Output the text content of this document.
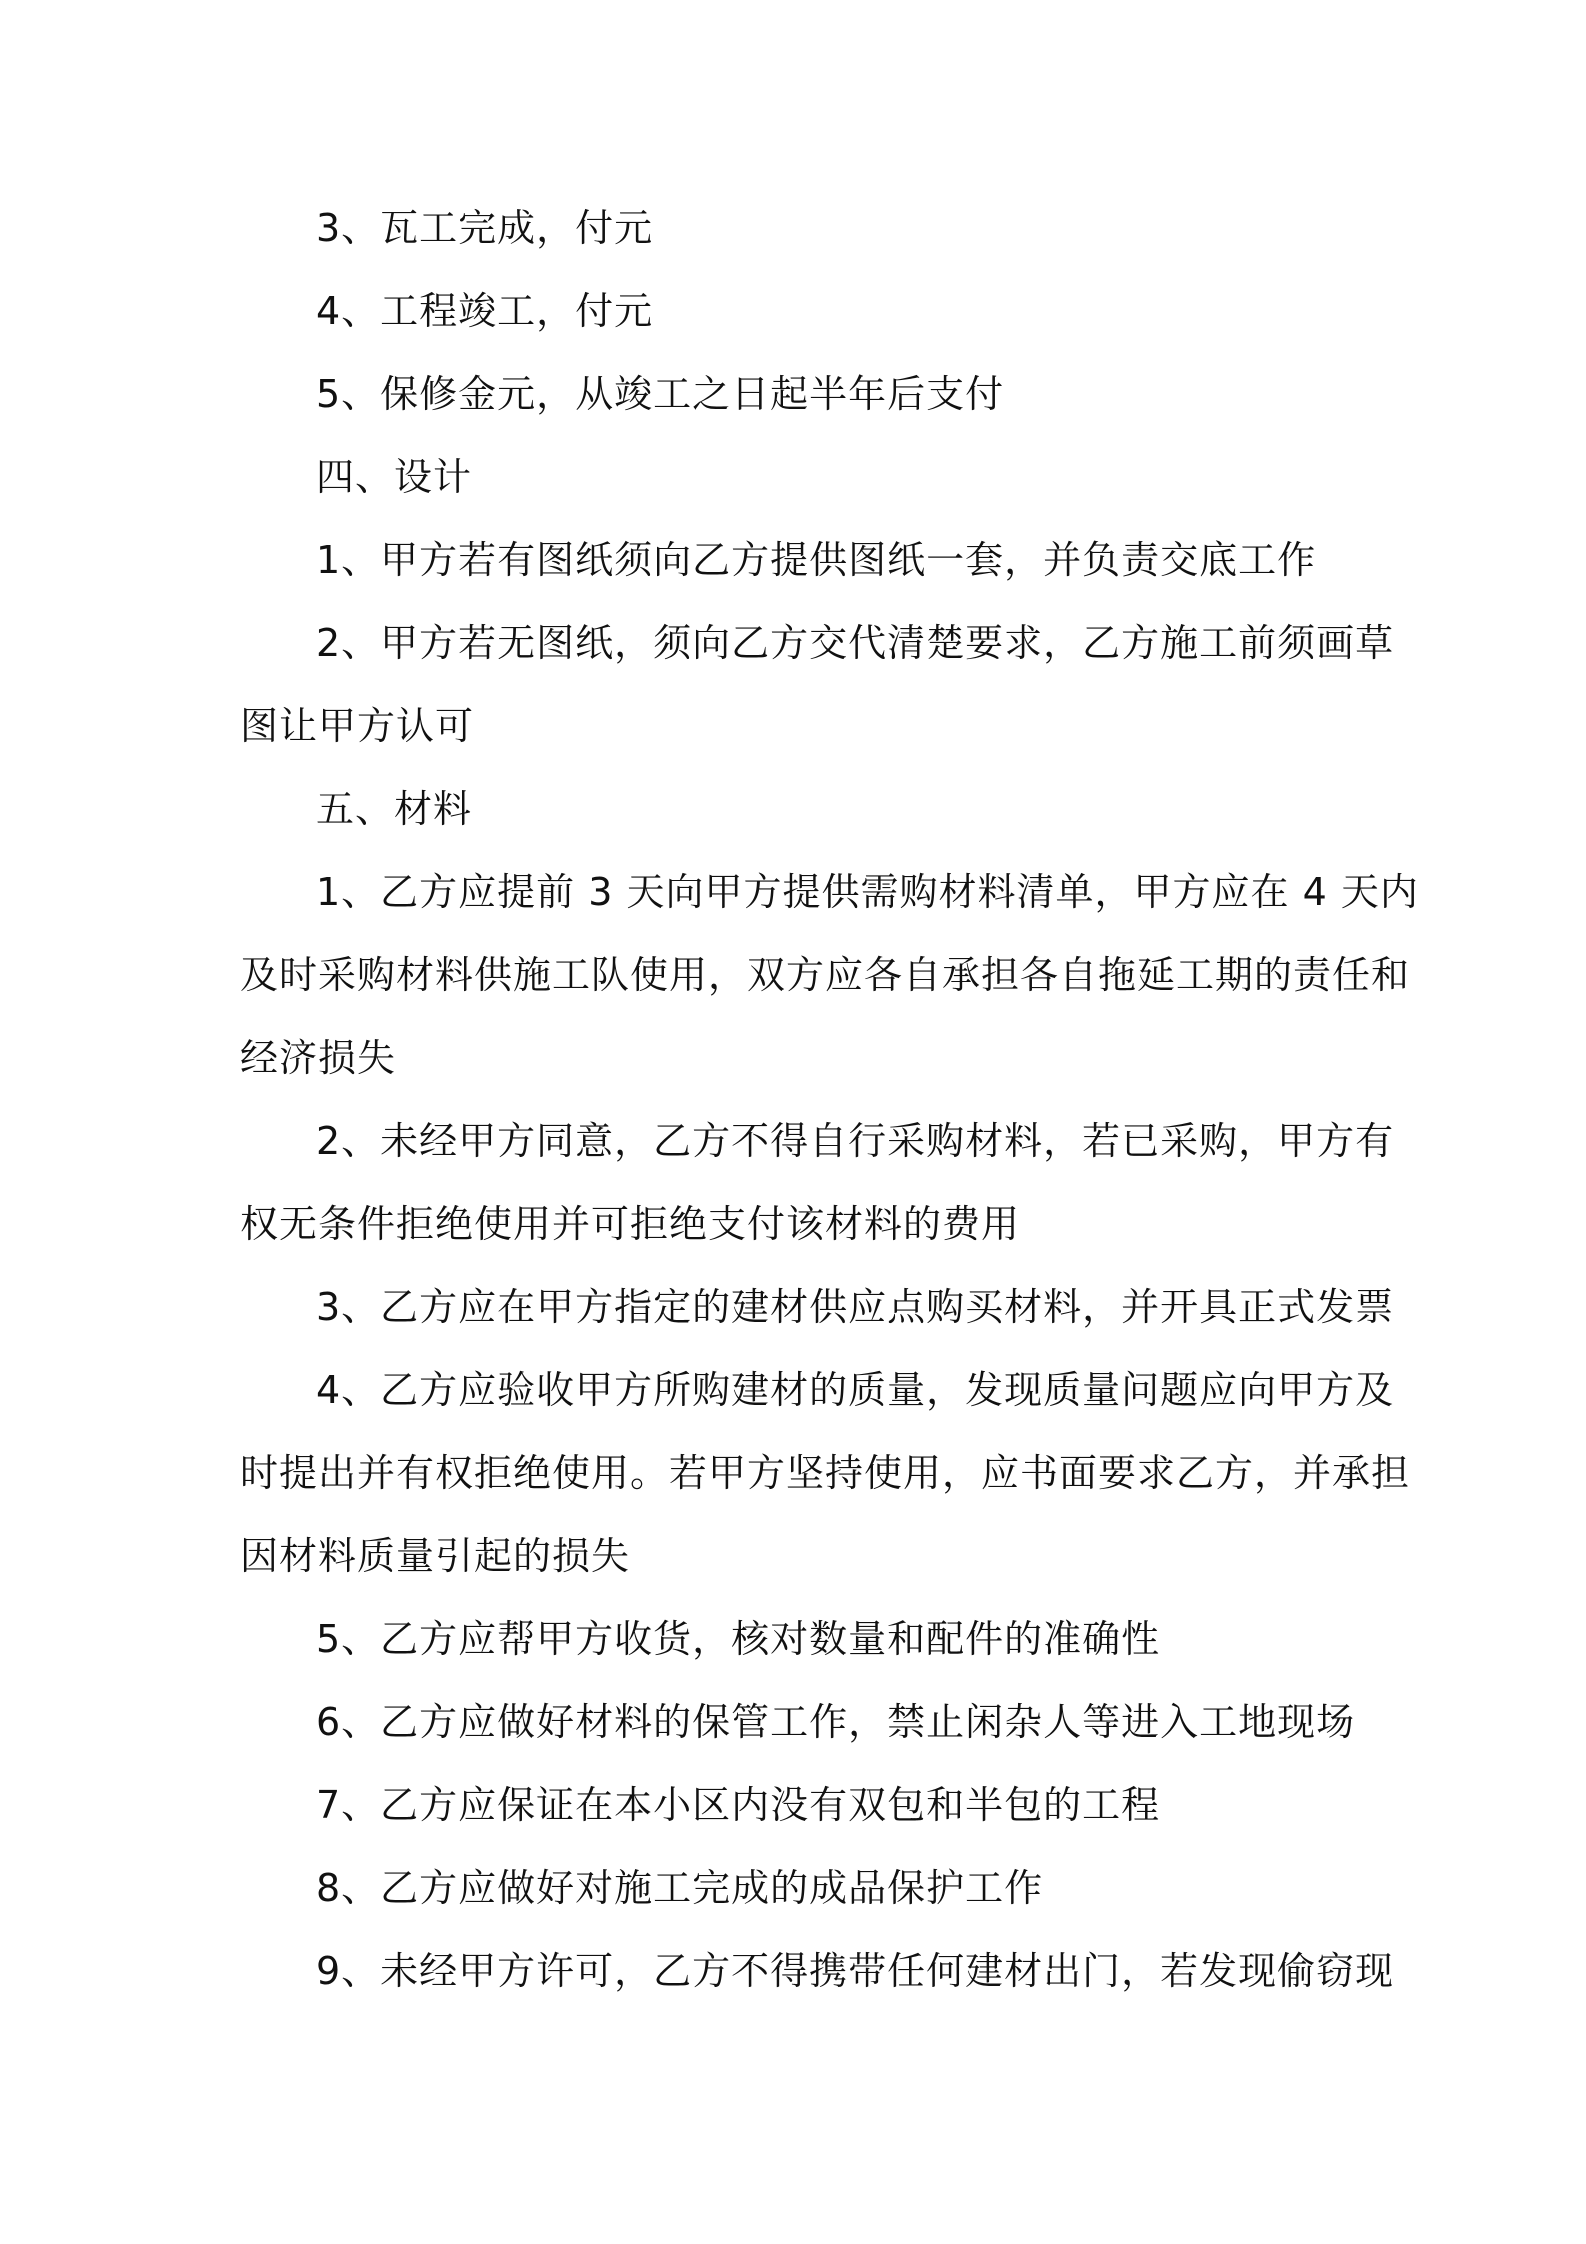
3、瓦工完成，付元
4、工程竣工，付元
5、保修金元，从竣工之日起半年后支付
四、设计
1、甲方若有图纸须向乙方提供图纸一套，并负责交底工作
2、甲方若无图纸，须向乙方交代清楚要求，乙方施工前须画草
图让甲方认可
五、材料
1、乙方应提前 3 天向甲方提供需购材料清单，甲方应在 4 天内
及时采购材料供施工队使用，双方应各自承担各自拖延工期的责任和
经济损失
2、未经甲方同意，乙方不得自行采购材料，若已采购，甲方有
权无条件拒绝使用并可拒绝支付该材料的费用
3、乙方应在甲方指定的建材供应点购买材料，并开具正式发票
4、乙方应验收甲方所购建材的质量，发现质量问题应向甲方及
时提出并有权拒绝使用。若甲方坚持使用，应书面要求乙方，并承担
因材料质量引起的损失
5、乙方应帮甲方收货，核对数量和配件的准确性
6、乙方应做好材料的保管工作，禁止闲杂人等进入工地现场
7、乙方应保证在本小区内没有双包和半包的工程
8、乙方应做好对施工完成的成品保护工作
9、未经甲方许可，乙方不得携带任何建材出门，若发现偷窃现
